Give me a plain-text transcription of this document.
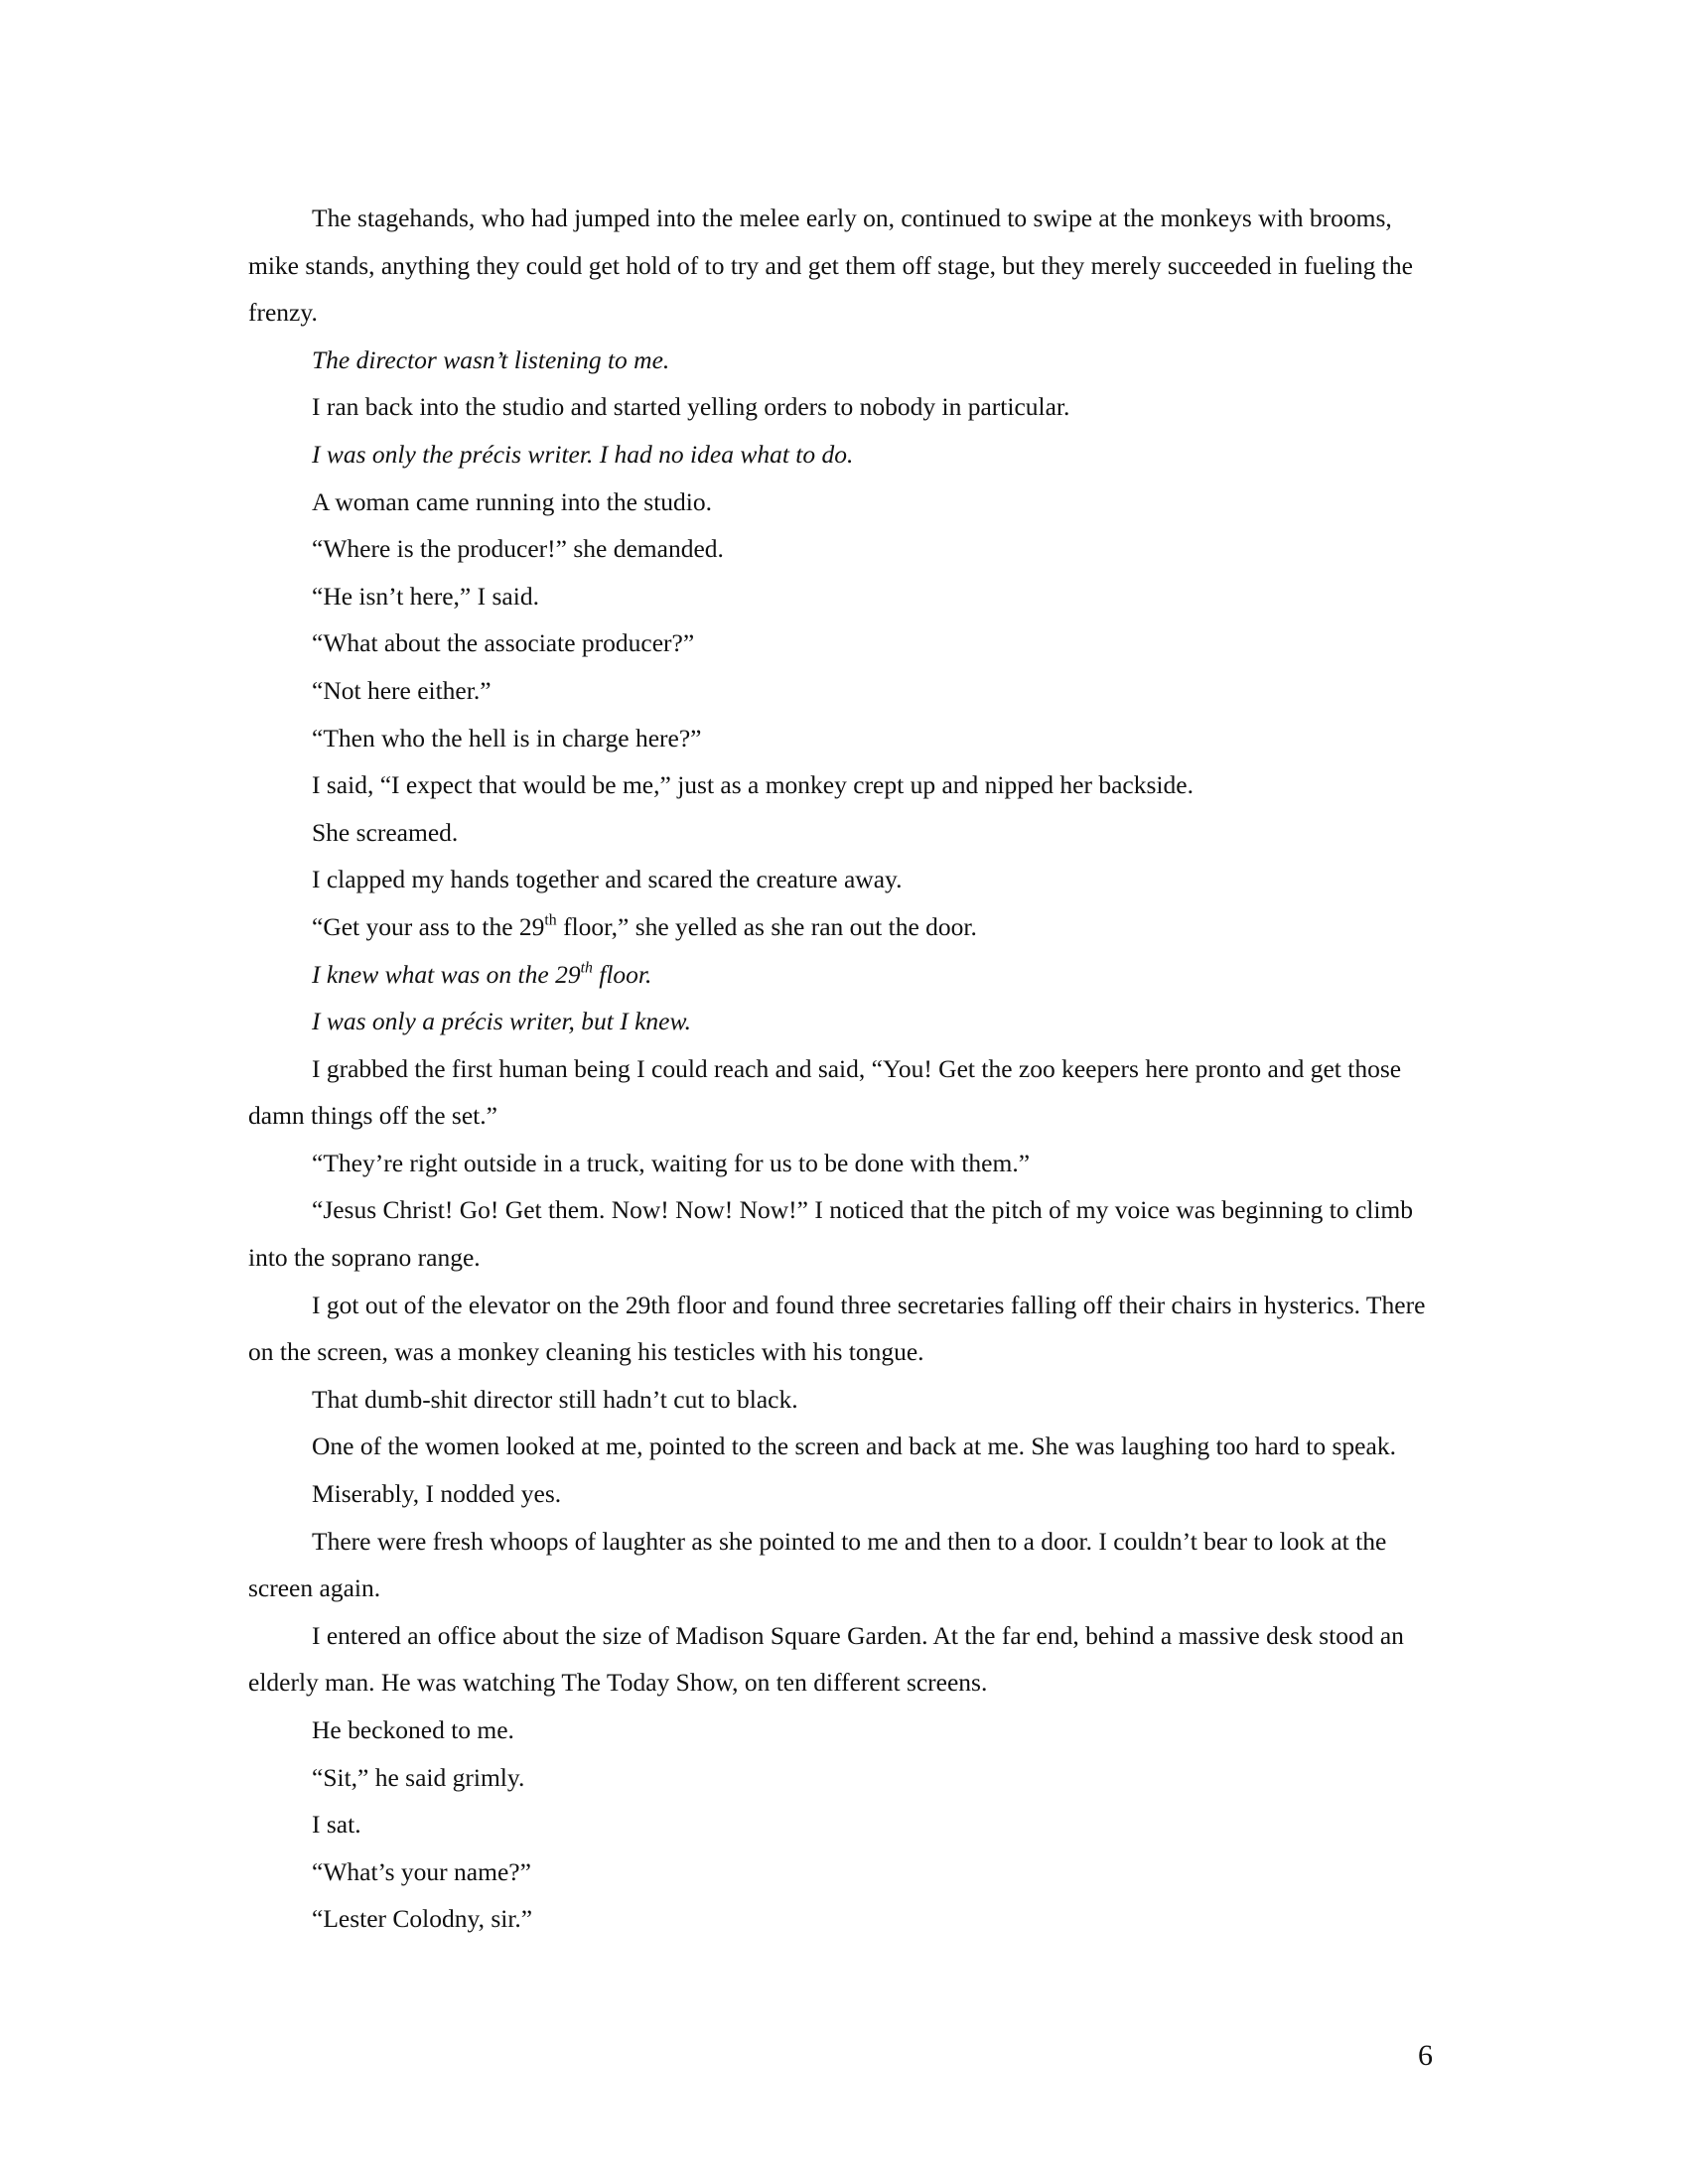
The stagehands, who had jumped into the melee early on, continued to swipe at the monkeys with brooms, mike stands, anything they could get hold of to try and get them off stage, but they merely succeeded in fueling the frenzy.

The director wasn’t listening to me.

I ran back into the studio and started yelling orders to nobody in particular.

I was only the précis writer. I had no idea what to do.

A woman came running into the studio.

“Where is the producer!” she demanded.

“He isn’t here,” I said.

“What about the associate producer?”

“Not here either.”

“Then who the hell is in charge here?”

I said, “I expect that would be me,” just as a monkey crept up and nipped her backside.

She screamed.

I clapped my hands together and scared the creature away.

“Get your ass to the 29th floor,” she yelled as she ran out the door.

I knew what was on the 29th floor.

I was only a précis writer, but I knew.

I grabbed the first human being I could reach and said, “You! Get the zoo keepers here pronto and get those damn things off the set.”

“They’re right outside in a truck, waiting for us to be done with them.”

“Jesus Christ! Go! Get them. Now! Now! Now!” I noticed that the pitch of my voice was beginning to climb into the soprano range.

I got out of the elevator on the 29th floor and found three secretaries falling off their chairs in hysterics. There on the screen, was a monkey cleaning his testicles with his tongue.

That dumb-shit director still hadn’t cut to black.

One of the women looked at me, pointed to the screen and back at me. She was laughing too hard to speak.

Miserably, I nodded yes.

There were fresh whoops of laughter as she pointed to me and then to a door. I couldn’t bear to look at the screen again.

I entered an office about the size of Madison Square Garden. At the far end, behind a massive desk stood an elderly man. He was watching The Today Show, on ten different screens.

He beckoned to me.

“Sit,” he said grimly.

I sat.

“What’s your name?”

“Lester Colodny, sir.”

6
